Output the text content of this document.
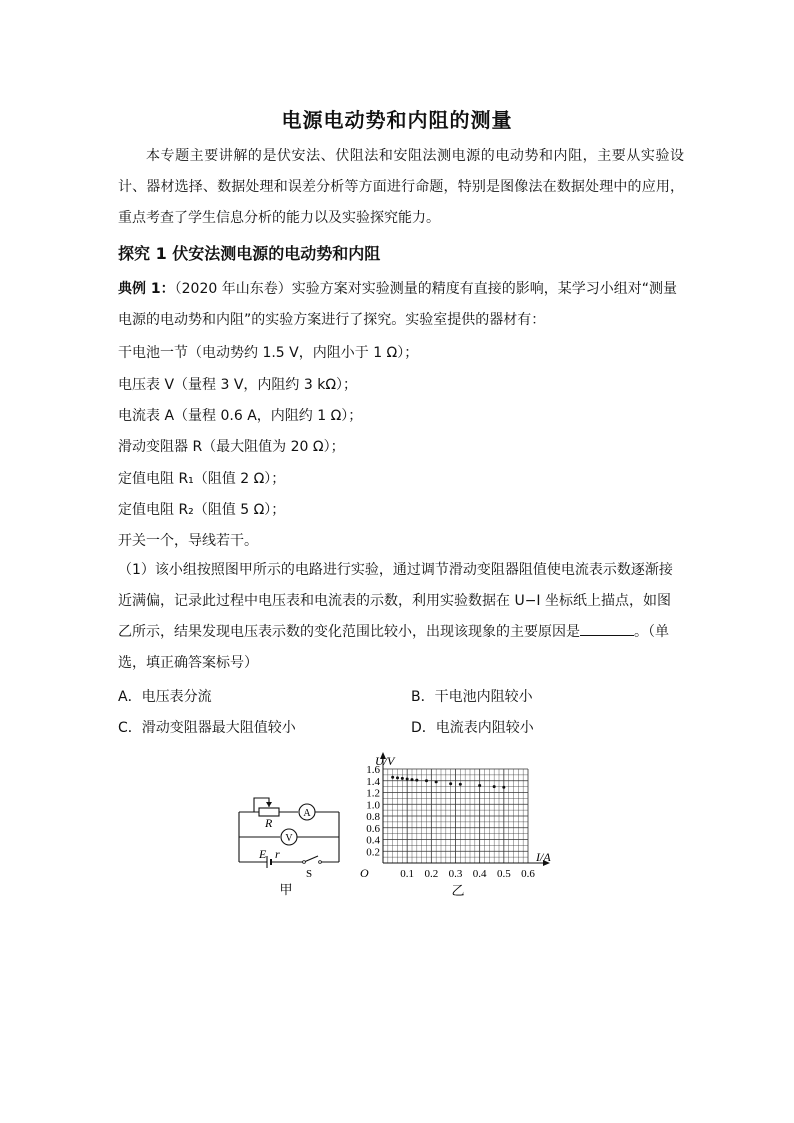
电源电动势和内阻的测量
本专题主要讲解的是伏安法、伏阻法和安阻法测电源的电动势和内阻，主要从实验设计、器材选择、数据处理和误差分析等方面进行命题，特别是图像法在数据处理中的应用，重点考查了学生信息分析的能力以及实验探究能力。
探究 1 伏安法测电源的电动势和内阻
典例 1：（2020 年山东卷）实验方案对实验测量的精度有直接的影响，某学习小组对“测量电源的电动势和内阻”的实验方案进行了探究。实验室提供的器材有：
干电池一节（电动势约 1.5 V，内阻小于 1 Ω）；
电压表 V（量程 3 V，内阻约 3 kΩ）；
电流表 A（量程 0.6 A，内阻约 1 Ω）；
滑动变阻器 R（最大阻值为 20 Ω）；
定值电阻 R₁（阻值 2 Ω）；
定值电阻 R₂（阻值 5 Ω）；
开关一个，导线若干。
（1）该小组按照图甲所示的电路进行实验，通过调节滑动变阻器阻值使电流表示数逐渐接近满偏，记录此过程中电压表和电流表的示数，利用实验数据在 U−I 坐标纸上描点，如图乙所示，结果发现电压表示数的变化范围比较小，出现该现象的主要原因是	。（单选，填正确答案标号）
A．电压表分流	B．干电池内阻较小
C．滑动变阻器最大阻值较小	D．电流表内阻较小
R
A
V
E r
S
甲
0.2
0.4
0.6
0.8
1.0
1.2
1.4
1.6
0.1 0.2 0.3 0.4 0.5 0.6
U/V
I/A
O
乙
